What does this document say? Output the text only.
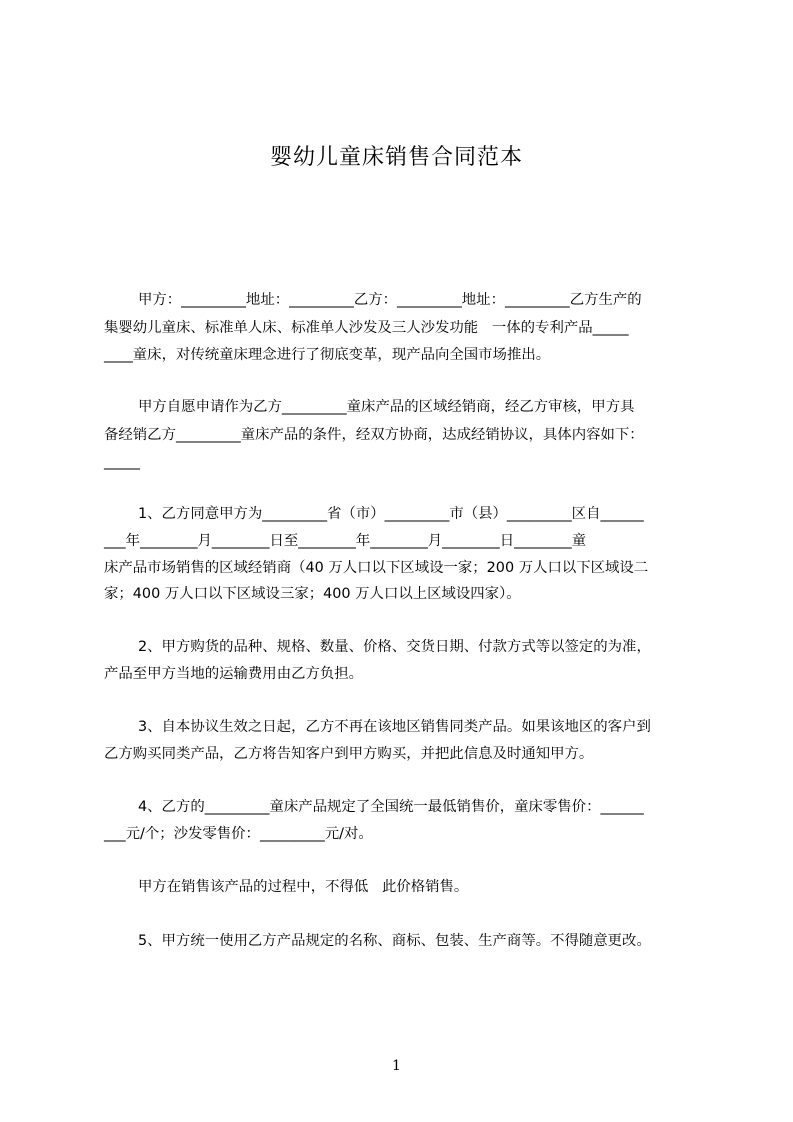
婴幼儿童床销售合同范本
甲方：_________地址：_________乙方：_________地址：_________乙方生产的
集婴幼儿童床、标准单人床、标准单人沙发及三人沙发功能   一体的专利产品_____
____童床，对传统童床理念进行了彻底变革，现产品向全国市场推出。
甲方自愿申请作为乙方_________童床产品的区域经销商，经乙方审核，甲方具
备经销乙方_________童床产品的条件，经双方协商，达成经销协议，具体内容如下：
_____
1、乙方同意甲方为_________省（市）_________市（县）_________区自______
___年________月________日至________年________月________日________童
床产品市场销售的区域经销商（40 万人口以下区域设一家；200 万人口以下区域设二
家；400 万人口以下区域设三家；400 万人口以上区域设四家）。
2、甲方购货的品种、规格、数量、价格、交货日期、付款方式等以签定的为准，
产品至甲方当地的运输费用由乙方负担。
3、自本协议生效之日起，乙方不再在该地区销售同类产品。如果该地区的客户到
乙方购买同类产品，乙方将告知客户到甲方购买，并把此信息及时通知甲方。
4、乙方的_________童床产品规定了全国统一最低销售价，童床零售价：______
___元/个；沙发零售价：_________元/对。
甲方在销售该产品的过程中，不得低   此价格销售。
5、甲方统一使用乙方产品规定的名称、商标、包装、生产商等。不得随意更改。
1
